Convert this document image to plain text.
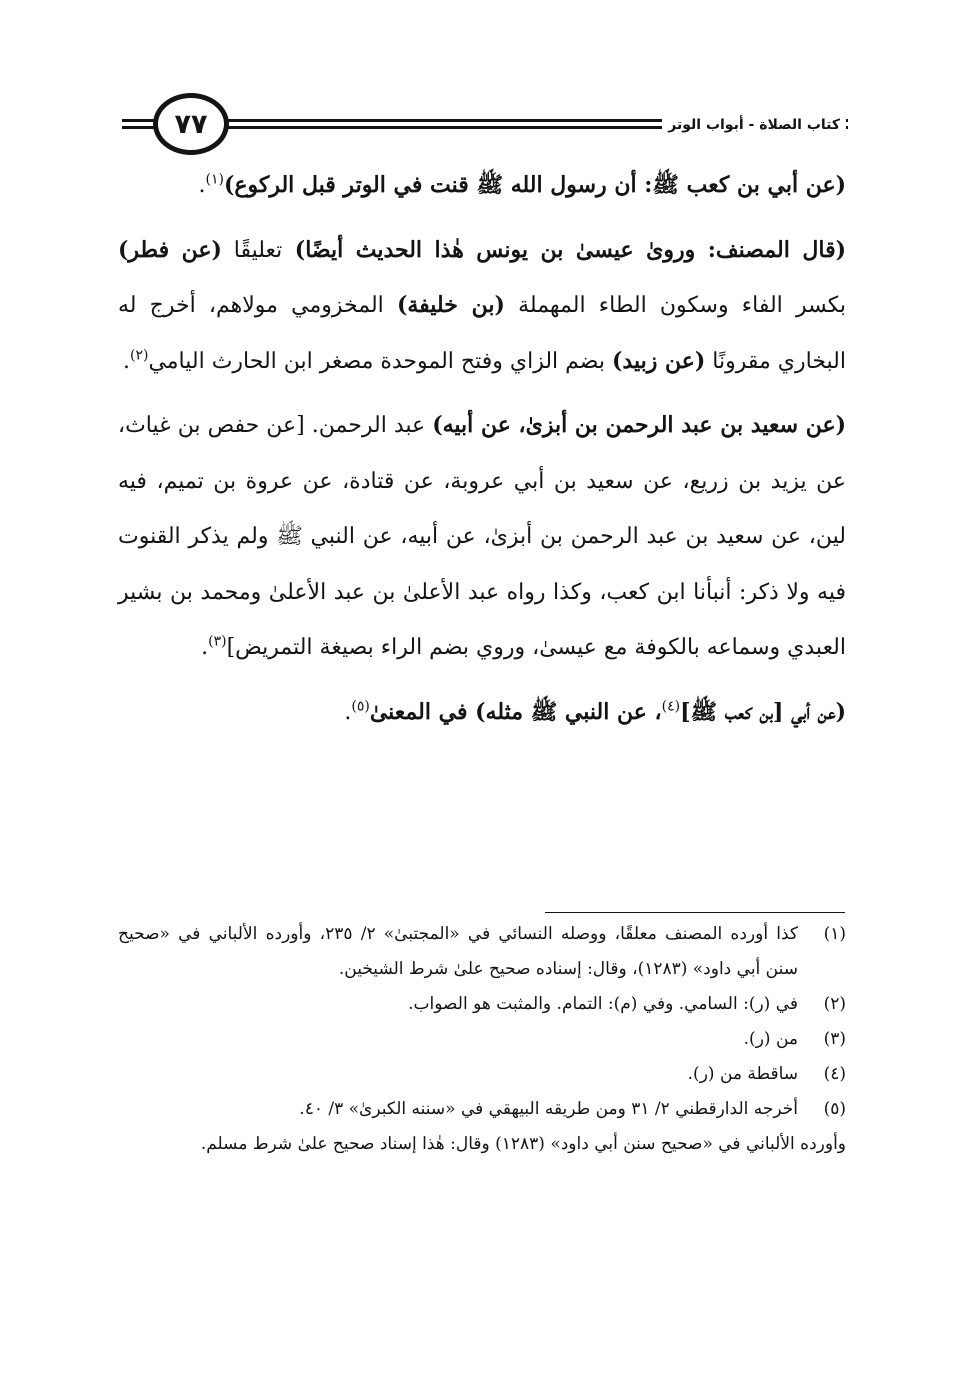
كتاب الصلاة - أبواب الوتر
٧٧

(عن أبي بن كعب ﷺ: أن رسول الله ﷺ قنت في الوتر قبل الركوع)$^{(١)}$.

(قال المصنف: وروىٰ عيسىٰ بن يونس هٰذا الحديث أيضًا) تعليقًا (عن فطر) بكسر الفاء وسكون الطاء المهملة (بن خليفة) المخزومي مولاهم، أخرج له البخاري مقرونًا (عن زبيد) بضم الزاي وفتح الموحدة مصغر ابن الحارث اليامي$^{(٢)}$.

(عن سعيد بن عبد الرحمن بن أبزىٰ، عن أبيه) عبد الرحمن. [عن حفص بن غياث، عن يزيد بن زريع، عن سعيد بن أبي عروبة، عن قتادة، عن عروة بن تميم، فيه لين، عن سعيد بن عبد الرحمن بن أبزىٰ، عن أبيه، عن النبي ﷺ ولم يذكر القنوت فيه ولا ذكر: أنبأنا ابن كعب، وكذا رواه عبد الأعلىٰ بن عبد الأعلىٰ ومحمد بن بشير العبدي وسماعه بالكوفة مع عيسىٰ، وروي بضم الراء بصيغة التمريض]$^{(٣)}$.

(عن أبي [بن كعب ﷺ]$^{(٤)}$، عن النبي ﷺ مثله) في المعنىٰ$^{(٥)}$.

(١)
كذا أورده المصنف معلقًا، ووصله النسائي في «المجتبىٰ» ٢/ ٢٣٥، وأورده الألباني في «صحيح سنن أبي داود» (١٢٨٣)، وقال: إسناده صحيح علىٰ شرط الشيخين.
(٢)
في (ر): السامي. وفي (م): التمام. والمثبت هو الصواب.
(٣)
من (ر).
(٤)
ساقطة من (ر).
(٥)
أخرجه الدارقطني ٢/ ٣١ ومن طريقه البيهقي في «سننه الكبرىٰ» ٣/ ٤٠.
وأورده الألباني في «صحيح سنن أبي داود» (١٢٨٣) وقال: هٰذا إسناد صحيح علىٰ شرط مسلم.
